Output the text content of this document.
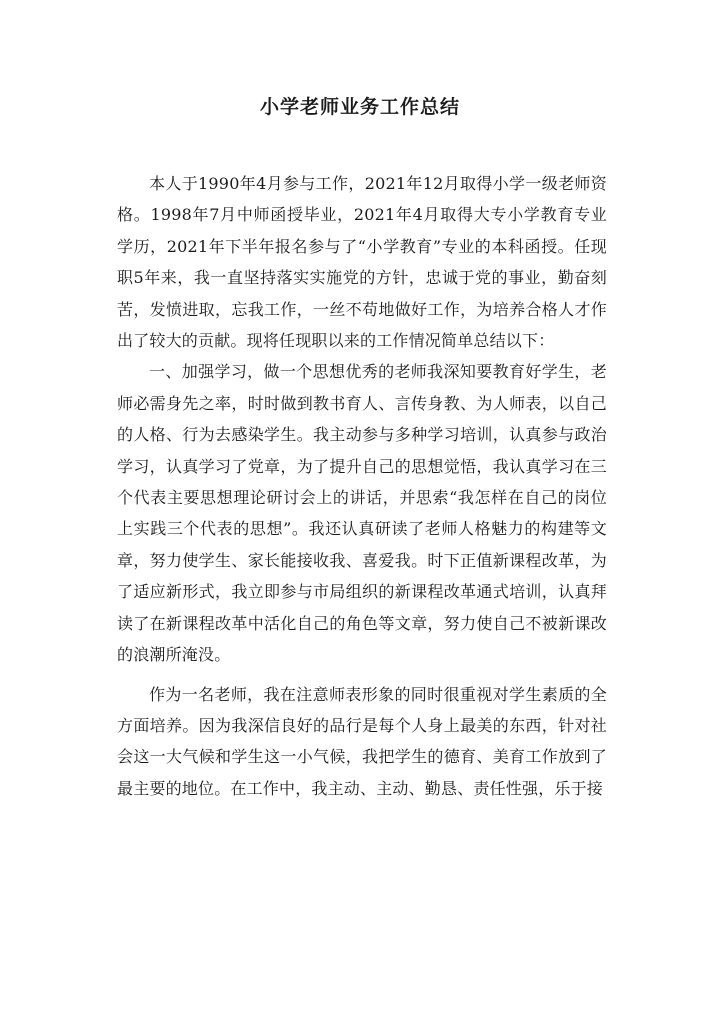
小学老师业务工作总结

本人于1990年4月参与工作，2021年12月取得小学一级老师资格。1998年7月中师函授毕业，2021年4月取得大专小学教育专业学历，2021年下半年报名参与了“小学教育”专业的本科函授。任现职5年来，我一直坚持落实实施党的方针，忠诚于党的事业，勤奋刻苦，发愤进取，忘我工作，一丝不苟地做好工作，为培养合格人才作出了较大的贡献。现将任现职以来的工作情况简单总结以下：

一、加强学习，做一个思想优秀的老师我深知要教育好学生，老师必需身先之率，时时做到教书育人、言传身教、为人师表，以自己的人格、行为去感染学生。我主动参与多种学习培训，认真参与政治学习，认真学习了党章，为了提升自己的思想觉悟，我认真学习在三个代表主要思想理论研讨会上的讲话，并思索“我怎样在自己的岗位上实践三个代表的思想”。我还认真研读了老师人格魅力的构建等文章，努力使学生、家长能接收我、喜爱我。时下正值新课程改革，为了适应新形式，我立即参与市局组织的新课程改革通式培训，认真拜读了在新课程改革中活化自己的角色等文章，努力使自己不被新课改的浪潮所淹没。

作为一名老师，我在注意师表形象的同时很重视对学生素质的全方面培养。因为我深信良好的品行是每个人身上最美的东西，针对社会这一大气候和学生这一小气候，我把学生的德育、美育工作放到了最主要的地位。在工作中，我主动、主动、勤恳、责任性强，乐于接
